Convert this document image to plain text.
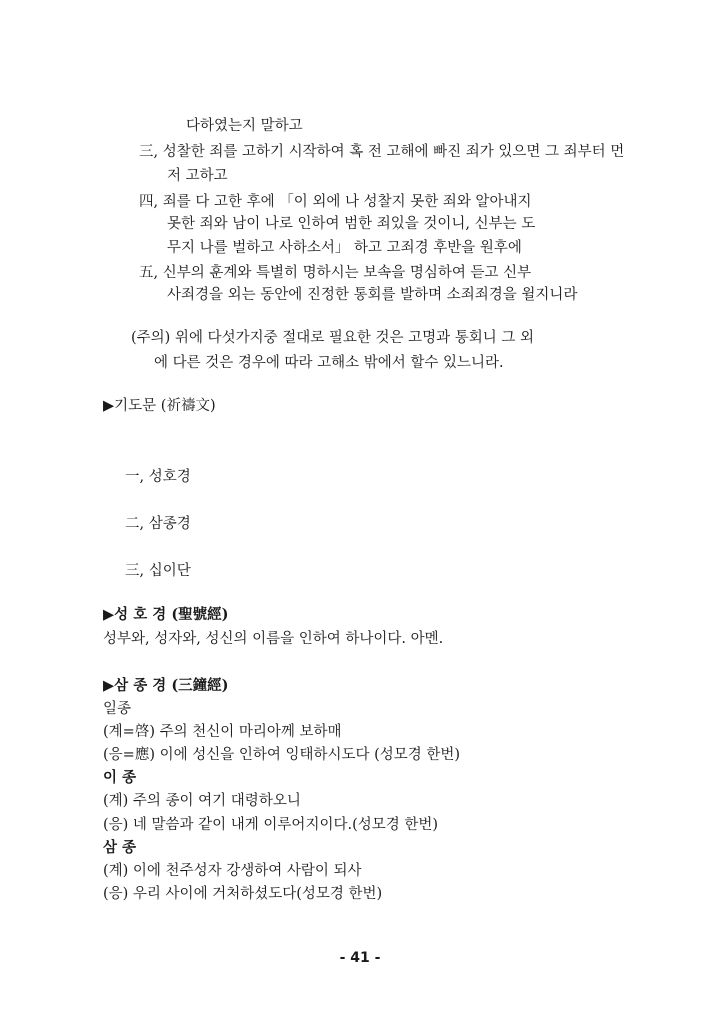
다하였는지 말하고
三, 성찰한 죄를 고하기 시작하여 혹 전 고해에 빠진 죄가 있으면 그 죄부터 먼
저 고하고
四, 죄를 다 고한 후에 「이 외에 나 성찰지 못한 죄와 알아내지
못한 죄와 남이 나로 인하여 범한 죄있을 것이니, 신부는 도
무지 나를 벌하고 사하소서」 하고 고죄경 후반을 원후에
五, 신부의 훈계와 특별히 명하시는 보속을 명심하여 듣고 신부
사죄경을 외는 동안에 진정한 통회를 발하며 소죄죄경을 윌지니라
(주의) 위에 다섯가지중 절대로 필요한 것은 고명과 통회니 그 외
에 다른 것은 경우에 따라 고해소 밖에서 할수 있느니라.
▶기도문 (祈禱文)
一, 성호경
二, 삼종경
三, 십이단
▶성 호 경 (聖號經)
성부와, 성자와, 성신의 이름을 인하여 하나이다. 아멘.
▶삼 종 경 (三鐘經)
일종
(계=啓) 주의 천신이 마리아께 보하매
(응=應) 이에 성신을 인하여 잉태하시도다 (성모경 한번)
이 종
(계) 주의 종이 여기 대령하오니
(응) 네 말씀과 같이 내게 이루어지이다.(성모경 한번)
삼 종
(계) 이에 천주성자 강생하여 사람이 되사
(응) 우리 사이에 거처하셨도다(성모경 한번)
- 41 -
